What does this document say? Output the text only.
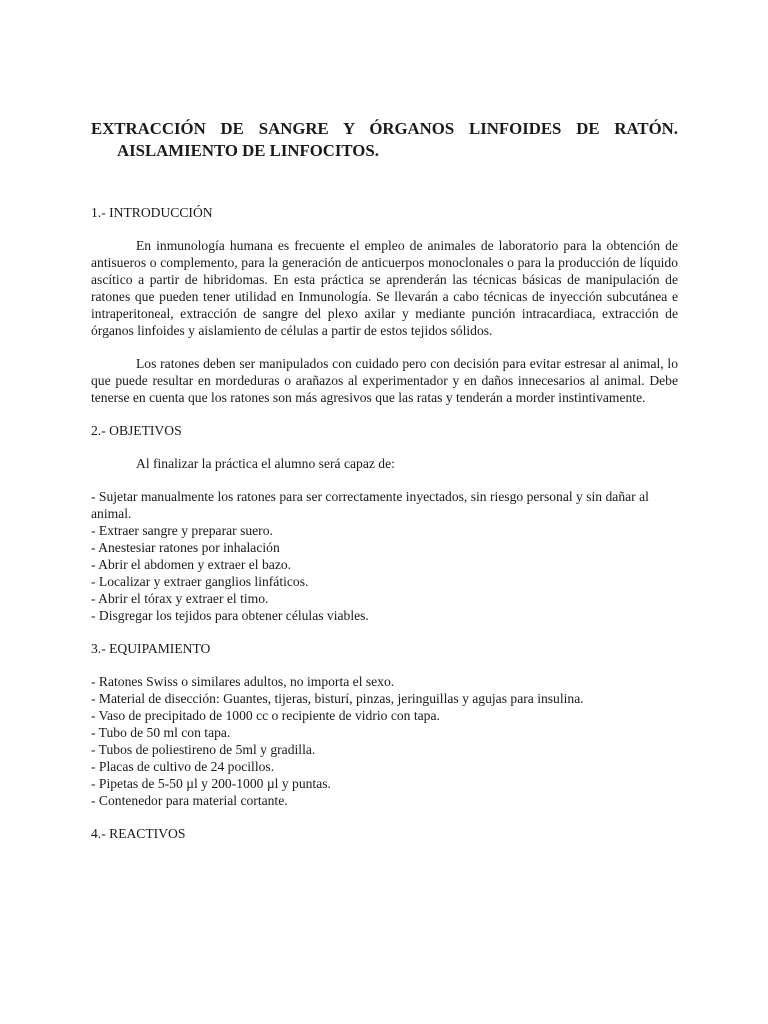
EXTRACCIÓN DE SANGRE Y ÓRGANOS LINFOIDES DE RATÓN.
AISLAMIENTO DE LINFOCITOS.
1.- INTRODUCCIÓN

En inmunología humana es frecuente el empleo de animales de laboratorio para la obtención de antisueros o complemento, para la generación de anticuerpos monoclonales o para la producción de líquido ascítico a partir de hibridomas. En esta práctica se aprenderán las técnicas básicas de manipulación de ratones que pueden tener utilidad en Inmunología. Se llevarán a cabo técnicas de inyección subcutánea e intraperitoneal, extracción de sangre del plexo axilar y mediante punción intracardiaca, extracción de órganos linfoides y aislamiento de células a partir de estos tejidos sólidos.

Los ratones deben ser manipulados con cuidado pero con decisión para evitar estresar al animal, lo que puede resultar en mordeduras o arañazos al experimentador y en daños innecesarios al animal. Debe tenerse en cuenta que los ratones son más agresivos que las ratas y tenderán a morder instintivamente.

2.- OBJETIVOS

Al finalizar la práctica el alumno será capaz de:

- Sujetar manualmente los ratones para ser correctamente inyectados, sin riesgo personal y sin dañar al animal.
- Extraer sangre y preparar suero.
- Anestesiar ratones por inhalación
- Abrir el abdomen y extraer el bazo.
- Localizar y extraer ganglios linfáticos.
- Abrir el tórax y extraer el timo.
- Disgregar los tejidos para obtener células viables.
3.- EQUIPAMIENTO
- Ratones Swiss o similares adultos, no importa el sexo.
- Material de disección: Guantes, tijeras, bisturí, pinzas, jeringuillas y agujas para insulina.
- Vaso de precipitado de 1000 cc o recipiente de vidrio con tapa.
- Tubo de 50 ml con tapa.
- Tubos de poliestireno de 5ml y gradilla.
- Placas de cultivo de 24 pocillos.
- Pipetas de 5-50 µl y 200-1000 µl y puntas.
- Contenedor para material cortante.
4.- REACTIVOS
